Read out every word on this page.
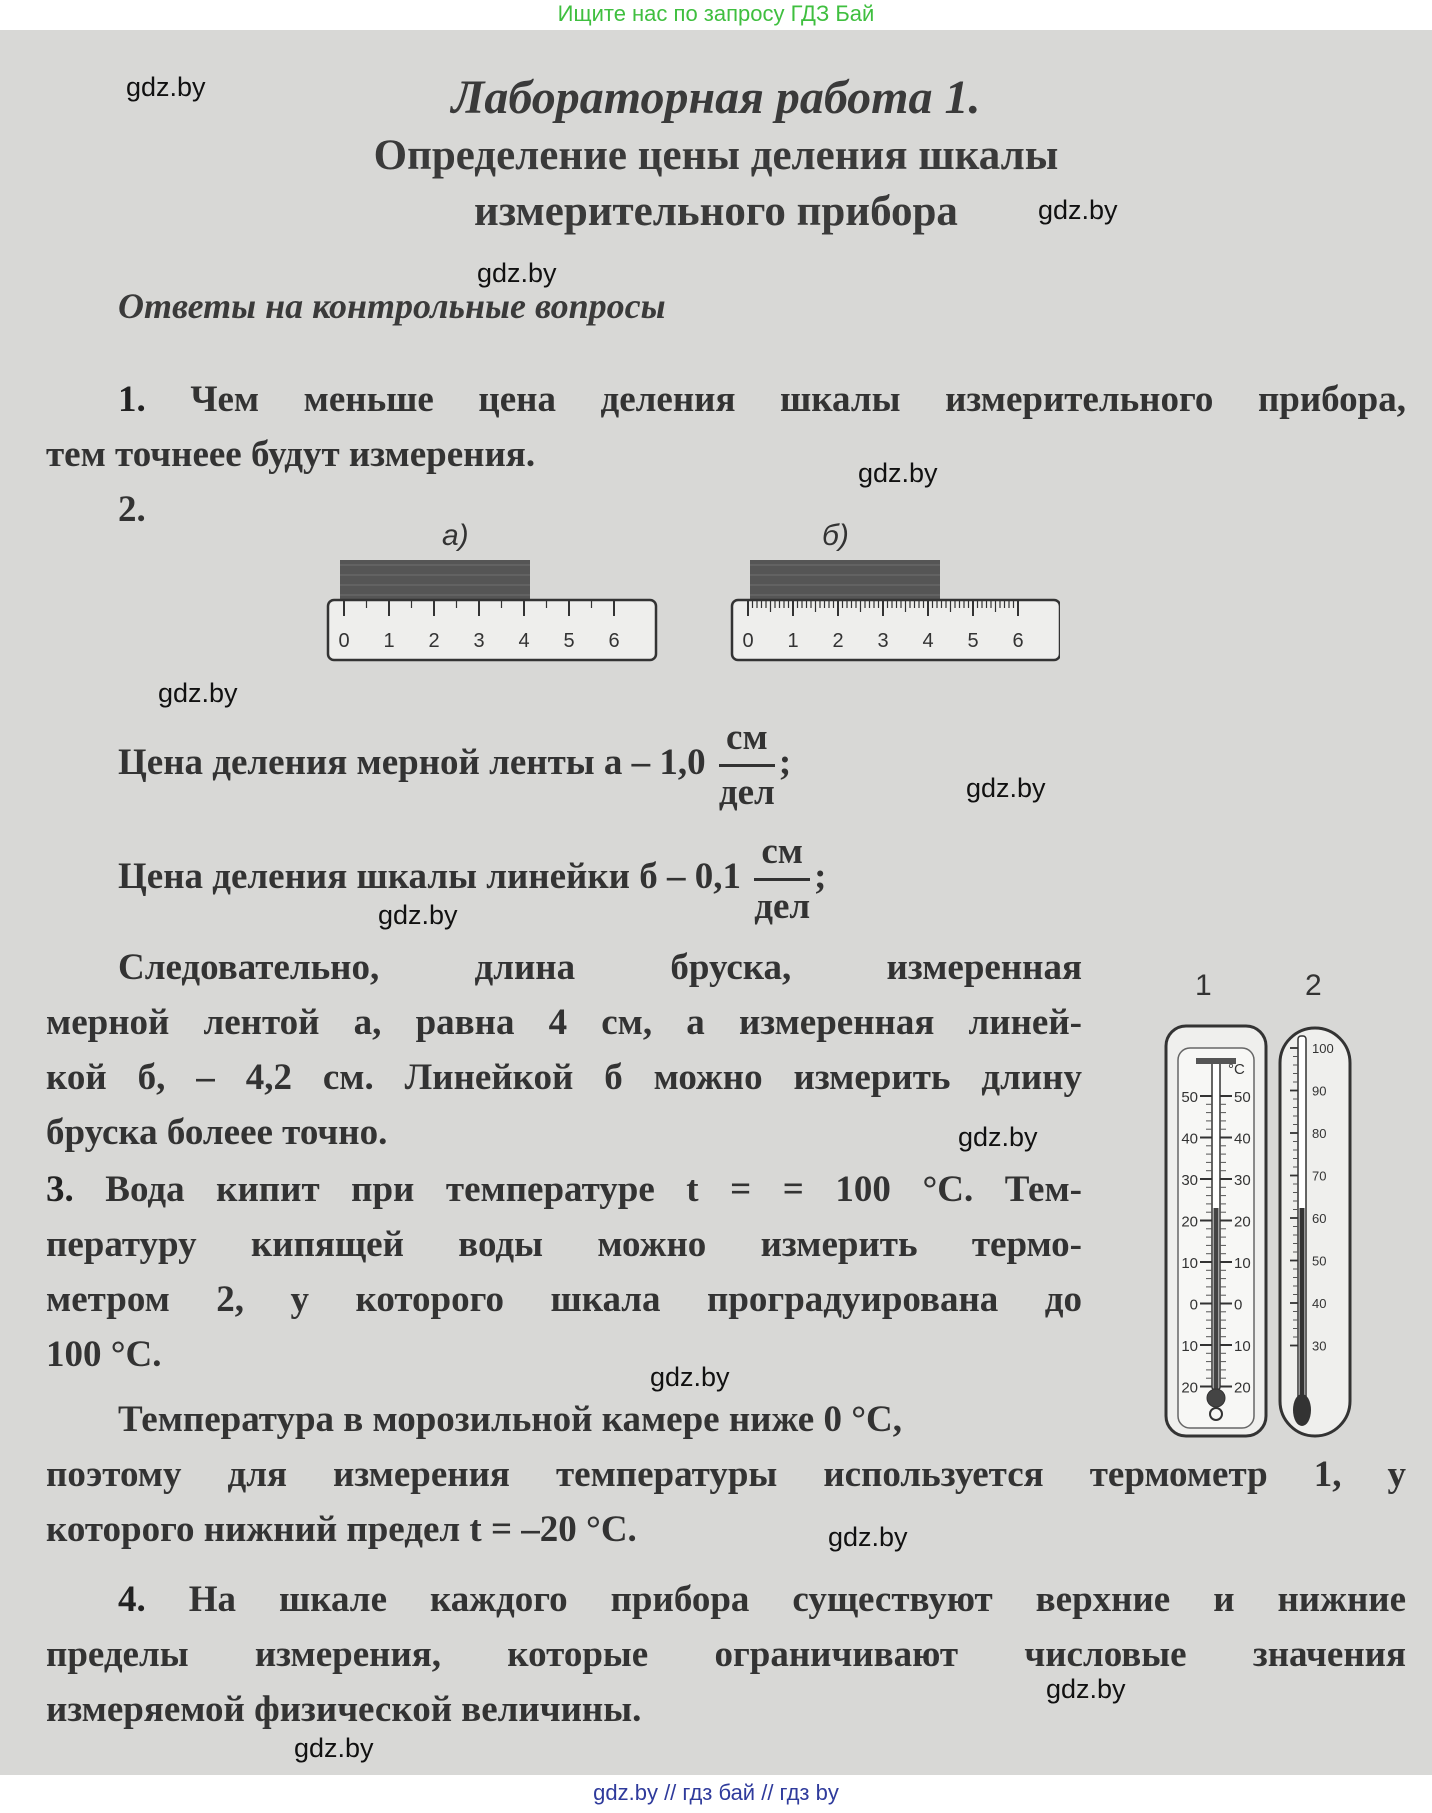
Ищите нас по запросу ГДЗ Бай
gdz.by
gdz.by
gdz.by
gdz.by
gdz.by
gdz.by
gdz.by
gdz.by
gdz.by
gdz.by
gdz.by
gdz.by
Лабораторная работа 1.
Определение цены деления шкалы
измерительного прибора
Ответы на контрольные вопросы
1. Чем меньше цена деления шкалы измерительного прибора,
тем точнеее будут измерения.
2.
а)	б)
0 1 2 3 4 5 6	0 1 2 3 4 5 6
Цена деления мерной ленты а – $1,0 \frac{см}{\text{дел}}$ ;
Цена деления шкалы линейки б – $0,1 \frac{см}{\text{дел}}$ ;
Следовательно, длина бруска, измеренная
мерной лентой а, равна 4 см, а измеренная линей-
кой б, – 4,2 см. Линейкой б можно измерить длину
бруска болеее точно.
3. Вода кипит при температуре t = = 100 °С. Тем-
пературу кипящей воды можно измерить термо-
метром 2, у которого шкала проградуирована до
100 °С.
Температура в морозильной камере ниже 0 °С,
поэтому для измерения температуры используется термометр 1, у
которого нижний предел t = –20 °С.
1	2
°С
50 50
40 40
30 30
20 20
10 10
0 0
10 10
20 20
100
90
80
70
60
50
40
30
4. На шкале каждого прибора существуют верхние и нижние
пределы измерения, которые ограничивают числовые значения
измеряемой физической величины.
gdz.by // гдз бай // гдз by
